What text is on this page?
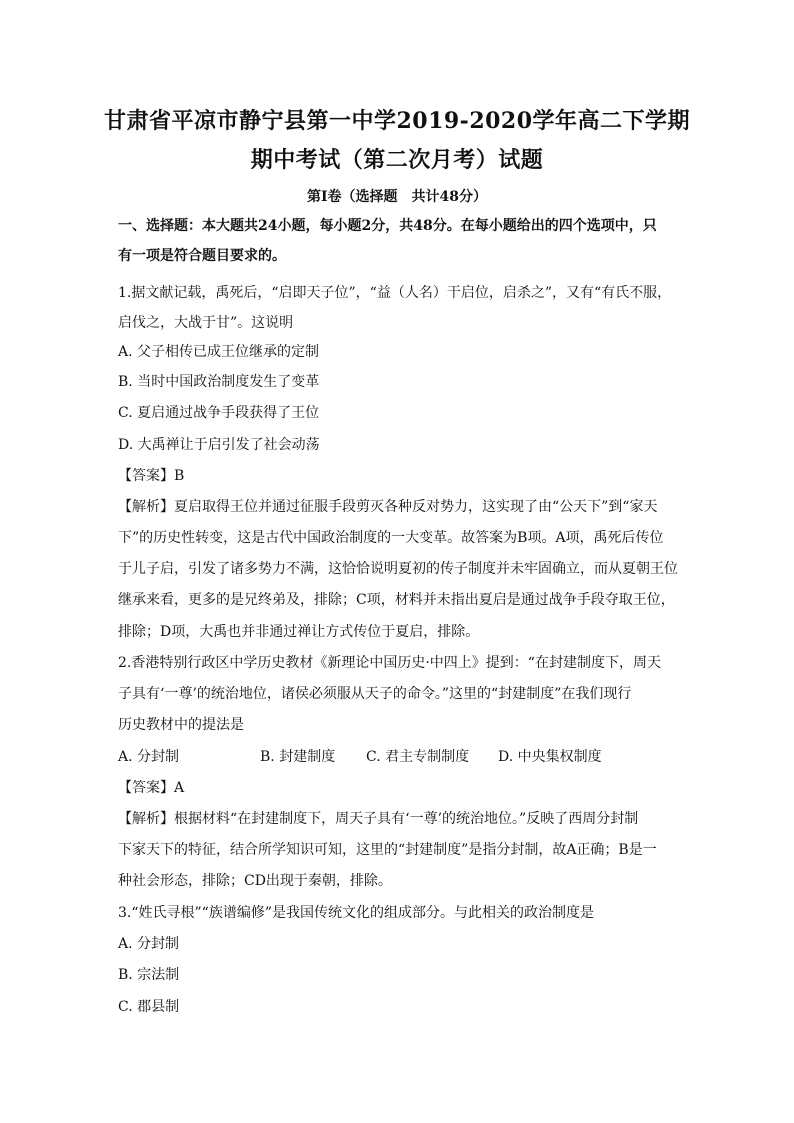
甘肃省平凉市静宁县第一中学2019-2020学年高二下学期
期中考试（第二次月考）试题
第Ⅰ卷（选择题　共计48分）
一、选择题：本大题共24小题，每小题2分，共48分。在每小题给出的四个选项中，只
有一项是符合题目要求的。
1.据文献记载，禹死后，“启即天子位”，“益（人名）干启位，启杀之”，又有“有氏不服，
启伐之，大战于甘”。这说明
A. 父子相传已成王位继承的定制
B. 当时中国政治制度发生了变革
C. 夏启通过战争手段获得了王位
D. 大禹禅让于启引发了社会动荡
【答案】B
【解析】夏启取得王位并通过征服手段剪灭各种反对势力，这实现了由“公天下”到“家天
下”的历史性转变，这是古代中国政治制度的一大变革。故答案为B项。A项，禹死后传位
于儿子启，引发了诸多势力不满，这恰恰说明夏初的传子制度并未牢固确立，而从夏朝王位
继承来看，更多的是兄终弟及，排除；C项，材料并未指出夏启是通过战争手段夺取王位，
排除；D项，大禹也并非通过禅让方式传位于夏启，排除。
2.香港特别行政区中学历史教材《新理论中国历史·中四上》提到：“在封建制度下，周天
子具有‘一尊’的统治地位，诸侯必须服从天子的命令。”这里的“封建制度”在我们现行
历史教材中的提法是
A. 分封制	B. 封建制度 C. 君主专制制度 D. 中央集权制度
【答案】A
【解析】根据材料“在封建制度下，周天子具有‘一尊’的统治地位。”反映了西周分封制
下家天下的特征，结合所学知识可知，这里的“封建制度”是指分封制，故A正确；B是一
种社会形态，排除；CD出现于秦朝，排除。
3.“姓氏寻根”“族谱编修”是我国传统文化的组成部分。与此相关的政治制度是
A. 分封制
B. 宗法制
C. 郡县制
